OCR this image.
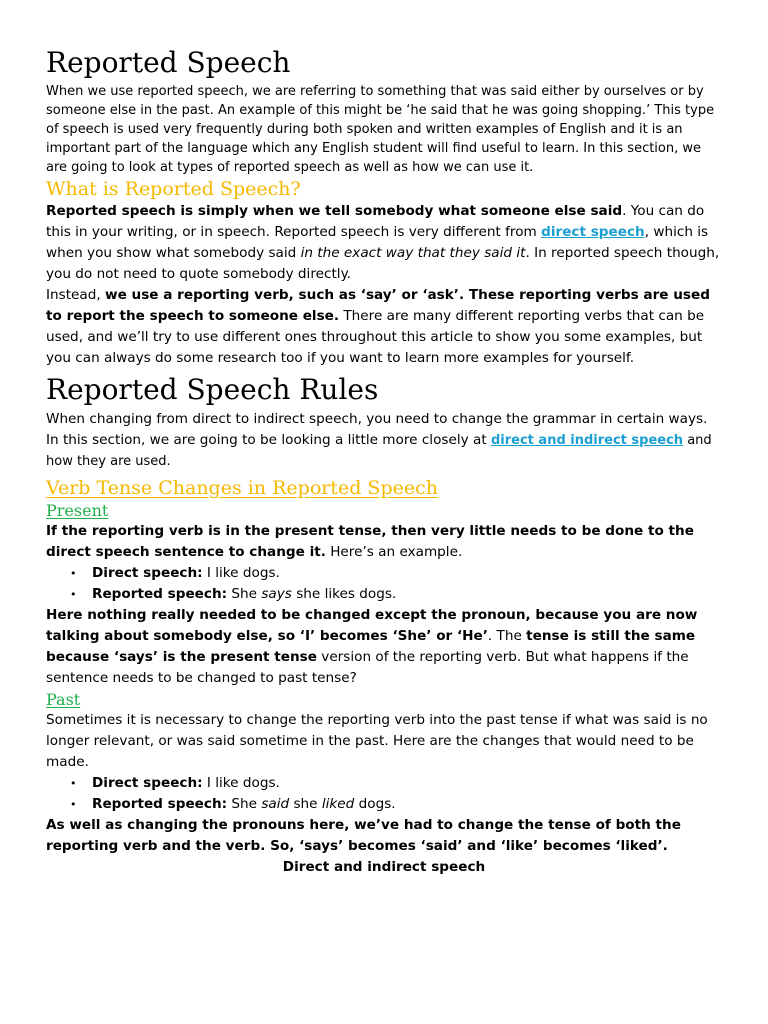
Reported Speech

When we use reported speech, we are referring to something that was said either by ourselves or by someone else in the past. An example of this might be ‘he said that he was going shopping.’ This type of speech is used very frequently during both spoken and written examples of English and it is an important part of the language which any English student will find useful to learn. In this section, we are going to look at types of reported speech as well as how we can use it.

What is Reported Speech?

Reported speech is simply when we tell somebody what someone else said. You can do this in your writing, or in speech. Reported speech is very different from direct speech, which is when you show what somebody said in the exact way that they said it. In reported speech though, you do not need to quote somebody directly.

Instead, we use a reporting verb, such as ‘say’ or ‘ask’. These reporting verbs are used to report the speech to someone else. There are many different reporting verbs that can be used, and we’ll try to use different ones throughout this article to show you some examples, but you can always do some research too if you want to learn more examples for yourself.

Reported Speech Rules

When changing from direct to indirect speech, you need to change the grammar in certain ways. In this section, we are going to be looking a little more closely at direct and indirect speech and how they are used.

Verb Tense Changes in Reported Speech
Present

If the reporting verb is in the present tense, then very little needs to be done to the direct speech sentence to change it. Here’s an example.

• Direct speech: I like dogs.
• Reported speech: She says she likes dogs.

Here nothing really needed to be changed except the pronoun, because you are now talking about somebody else, so ‘I’ becomes ‘She’ or ‘He’. The tense is still the same because ‘says’ is the present tense version of the reporting verb. But what happens if the sentence needs to be changed to past tense?

Past

Sometimes it is necessary to change the reporting verb into the past tense if what was said is no longer relevant, or was said sometime in the past. Here are the changes that would need to be made.

• Direct speech: I like dogs.
• Reported speech: She said she liked dogs.

As well as changing the pronouns here, we’ve had to change the tense of both the reporting verb and the verb. So, ‘says’ becomes ‘said’ and ‘like’ becomes ‘liked’.

Direct and indirect speech
